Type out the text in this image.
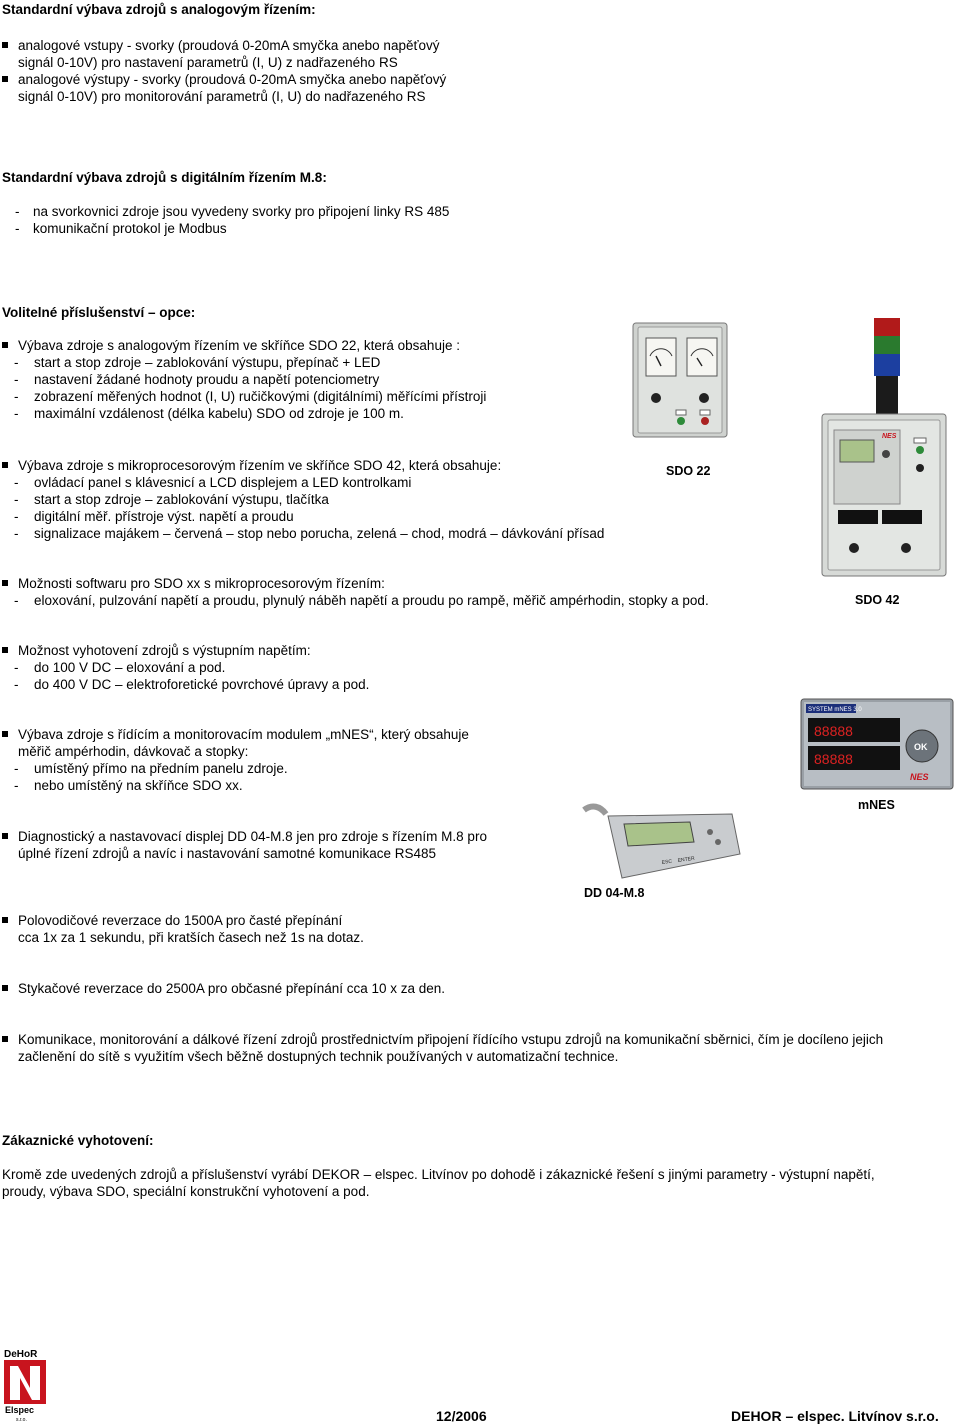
Standardní výbava zdrojů s analogovým řízením:
analogové vstupy - svorky (proudová 0-20mA smyčka anebo napěťový
signál 0-10V) pro nastavení parametrů (I, U) z nadřazeného RS
analogové výstupy - svorky (proudová 0-20mA smyčka anebo napěťový
signál 0-10V) pro monitorování parametrů (I, U) do nadřazeného RS
Standardní výbava zdrojů s digitálním řízením M.8:
- na svorkovnici zdroje jsou vyvedeny svorky pro připojení linky RS 485
- komunikační protokol je Modbus
Volitelné příslušenství – opce:
Výbava zdroje s analogovým řízením ve skříňce SDO 22, která obsahuje :
- start a stop zdroje – zablokování výstupu, přepínač + LED
- nastavení žádané hodnoty proudu a napětí potenciometry
- zobrazení měřených hodnot (I, U) ručičkovými (digitálními) měřícími přístroji
- maximální vzdálenost (délka kabelu) SDO od zdroje je 100 m.
NES
SDO 22
Výbava zdroje s mikroprocesorovým řízením ve skříňce SDO 42, která obsahuje:
- ovládací panel s klávesnicí a LCD displejem a LED kontrolkami
- start a stop zdroje – zablokování výstupu, tlačítka
- digitální měř. přístroje výst. napětí a proudu
- signalizace majákem – červená – stop nebo porucha, zelená – chod, modrá – dávkování přísad
Možnosti softwaru pro SDO xx s mikroprocesorovým řízením:
- eloxování, pulzování napětí a proudu, plynulý náběh napětí a proudu po rampě, měřič ampérhodin, stopky a pod.	SDO 42
Možnost vyhotovení zdrojů s výstupním napětím:
- do 100 V DC – eloxování a pod.
- do 400 V DC – elektroforetické povrchové úpravy a pod.
Výbava zdroje s řídícím a monitorovacím modulem „mNES“, který obsahuje
měřič ampérhodin, dávkovač a stopky:
- umístěný přímo na předním panelu zdroje.
- nebo umístěný na skříňce SDO xx.
SYSTEM mNES 3.0
88888
88888
OK
NES
mNES
ESC ENTER
Diagnostický a nastavovací displej DD 04-M.8 jen pro zdroje s řízením M.8 pro
úplné řízení zdrojů a navíc i nastavování samotné komunikace RS485
DD 04-M.8
Polovodičové reverzace do 1500A pro časté přepínání
cca 1x za 1 sekundu, při kratších časech než 1s na dotaz.
Stykačové reverzace do 2500A pro občasné přepínání cca 10 x za den.
Komunikace, monitorování a dálkové řízení zdrojů prostřednictvím připojení řídícího vstupu zdrojů na komunikační sběrnici, čím je docíleno jejich
začlenění do sítě s využitím všech běžně dostupných technik používaných v automatizační technice.
Zákaznické vyhotovení:
Kromě zde uvedených zdrojů a příslušenství vyrábí DEKOR – elspec. Litvínov po dohodě i zákaznické řešení s jinými parametry - výstupní napětí,
proudy, výbava SDO, speciální konstrukční vyhotovení a pod.
DeHoR
Elspec
s.r.o.	12/2006	DEHOR – elspec. Litvínov s.r.o.
